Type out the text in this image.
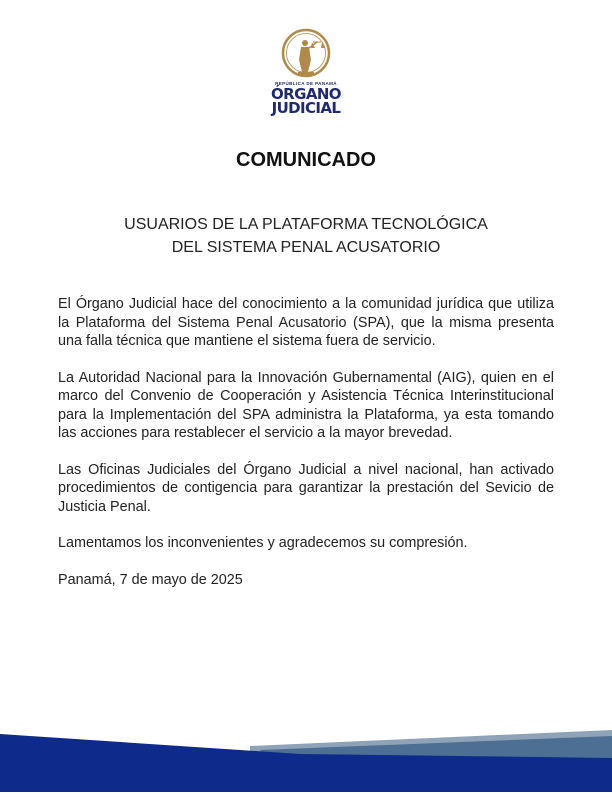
REPÚBLICA DE PANAMÁ
ÓRGANO
JUDICIAL
COMUNICADO
USUARIOS DE LA PLATAFORMA TECNOLÓGICA
DEL SISTEMA PENAL ACUSATORIO

El Órgano Judicial hace del conocimiento a la comunidad jurídica que utiliza la Plataforma del Sistema Penal Acusatorio (SPA), que la misma presenta una falla técnica que mantiene el sistema fuera de servicio.

La Autoridad Nacional para la Innovación Gubernamental (AIG), quien en el marco del Convenio de Cooperación y Asistencia Técnica Interinstitucional para la Implementación del SPA administra la Plataforma, ya esta tomando las acciones para restablecer el servicio a la mayor brevedad.

Las Oficinas Judiciales del Órgano Judicial a nivel nacional, han activado procedimientos de contigencia para garantizar la prestación del Sevicio de Justicia Penal.

Lamentamos los inconvenientes y agradecemos su compresión.

Panamá, 7 de mayo de 2025
